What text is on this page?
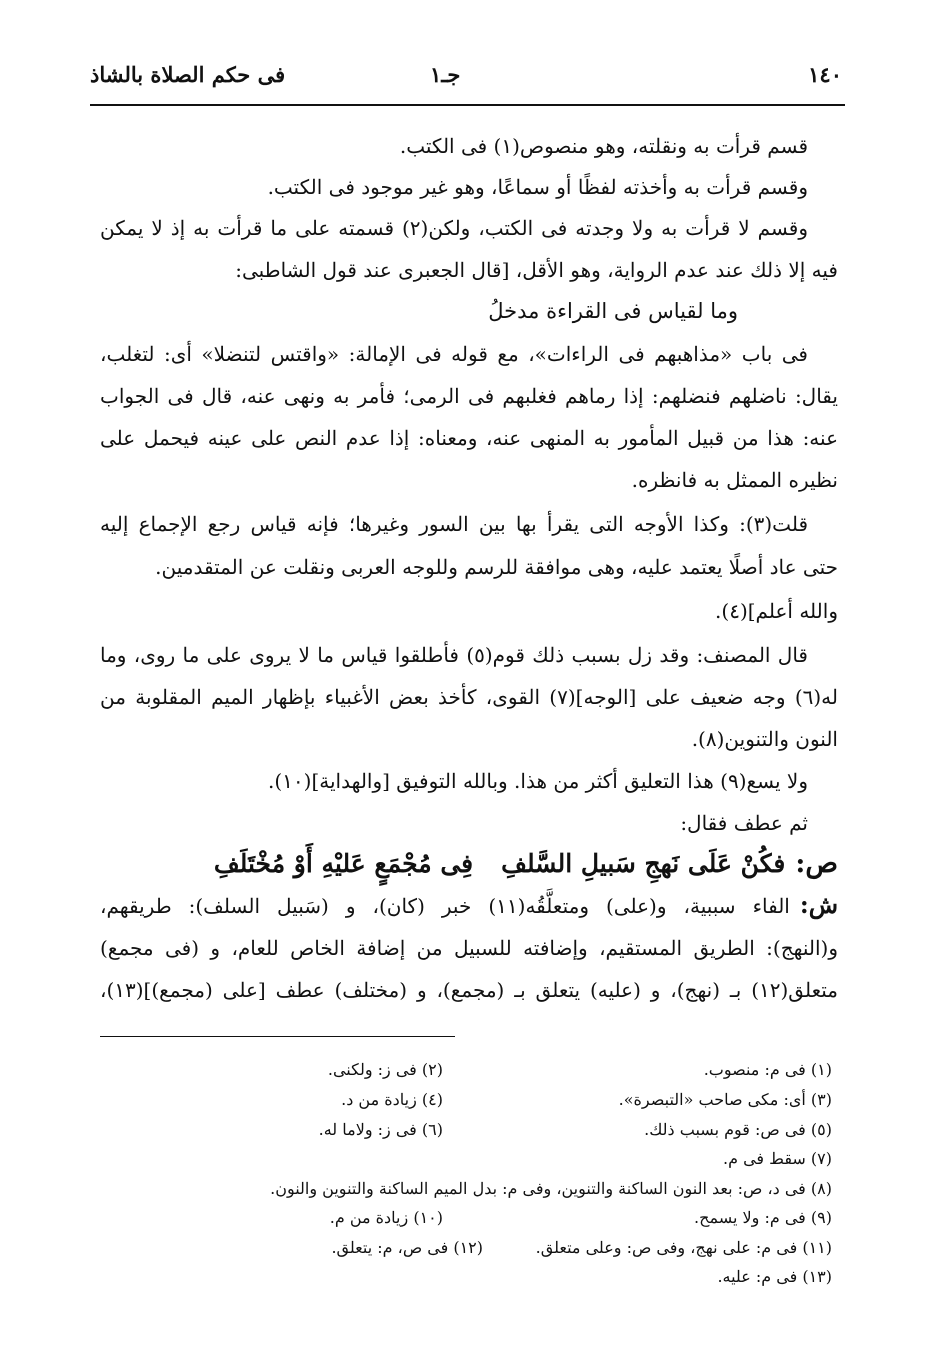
١٤٠
جـ١
فى حكم الصلاة بالشاذ
قسم قرأت به ونقلته، وهو منصوص(١) فى الكتب.
وقسم قرأت به وأخذته لفظًا أو سماعًا، وهو غير موجود فى الكتب.
وقسم لا قرأت به ولا وجدته فى الكتب، ولكن(٢) قسمته على ما قرأت به إذ لا يمكن
فيه إلا ذلك عند عدم الرواية، وهو الأقل، [قال الجعبرى عند قول الشاطبى:
وما لقياس فى القراءة مدخلُ
فى باب «مذاهبهم فى الراءات»، مع قوله فى الإمالة: «واقتس لتنضلا» أى: لتغلب،
يقال: ناضلهم فنضلهم: إذا رماهم فغلبهم فى الرمى؛ فأمر به ونهى عنه، قال فى الجواب
عنه: هذا من قبيل المأمور به المنهى عنه، ومعناه: إذا عدم النص على عينه فيحمل على
نظيره الممثل به فانظره.
قلت(٣): وكذا الأوجه التى يقرأ بها بين السور وغيرها؛ فإنه قياس رجع الإجماع إليه
حتى عاد أصلًا يعتمد عليه، وهى موافقة للرسم وللوجه العربى ونقلت عن المتقدمين.
والله أعلم](٤).
قال المصنف: وقد زل بسبب ذلك قوم(٥) فأطلقوا قياس ما لا يروى على ما روى، وما
له(٦) وجه ضعيف على [الوجه](٧) القوى، كأخذ بعض الأغبياء بإظهار الميم المقلوبة من
النون والتنوين(٨).
ولا يسع(٩) هذا التعليق أكثر من هذا. وبالله التوفيق [والهداية](١٠).
ثم عطف فقال:
ص:فكُنْ عَلَى نَهجِ سَبيلِ السَّلفِفِى مُجْمَعٍ عَليْهِ أَوْ مُخْتَلَفِ
ش:الفاء سببية، و(على) ومتعلَّقُه(١١) خبر (كان)، و (سَبيل السلف): طريقهم،
و(النهج): الطريق المستقيم، وإضافته للسبيل من إضافة الخاص للعام، و (فى مجمع)
متعلق(١٢) بـ (نهج)، و (عليه) يتعلق بـ (مجمع)، و (مختلف) عطف [على (مجمع)](١٣)،
(١) فى م: منصوب.
(٢) فى ز: ولكنى.
(٣) أى: مكى صاحب «التبصرة».
(٤) زيادة من د.
(٥) فى ص: قوم بسبب ذلك.
(٦) فى ز: ولاما له.
(٧) سقط فى م.
(٨) فى د، ص: بعد النون الساكنة والتنوين، وفى م: بدل الميم الساكنة والتنوين والنون.
(٩) فى م: ولا يسمح.
(١٠) زيادة من م.
(١١) فى م: على نهج، وفى ص: وعلى متعلق.
(١٢) فى ص، م: يتعلق.
(١٣) فى م: عليه.
